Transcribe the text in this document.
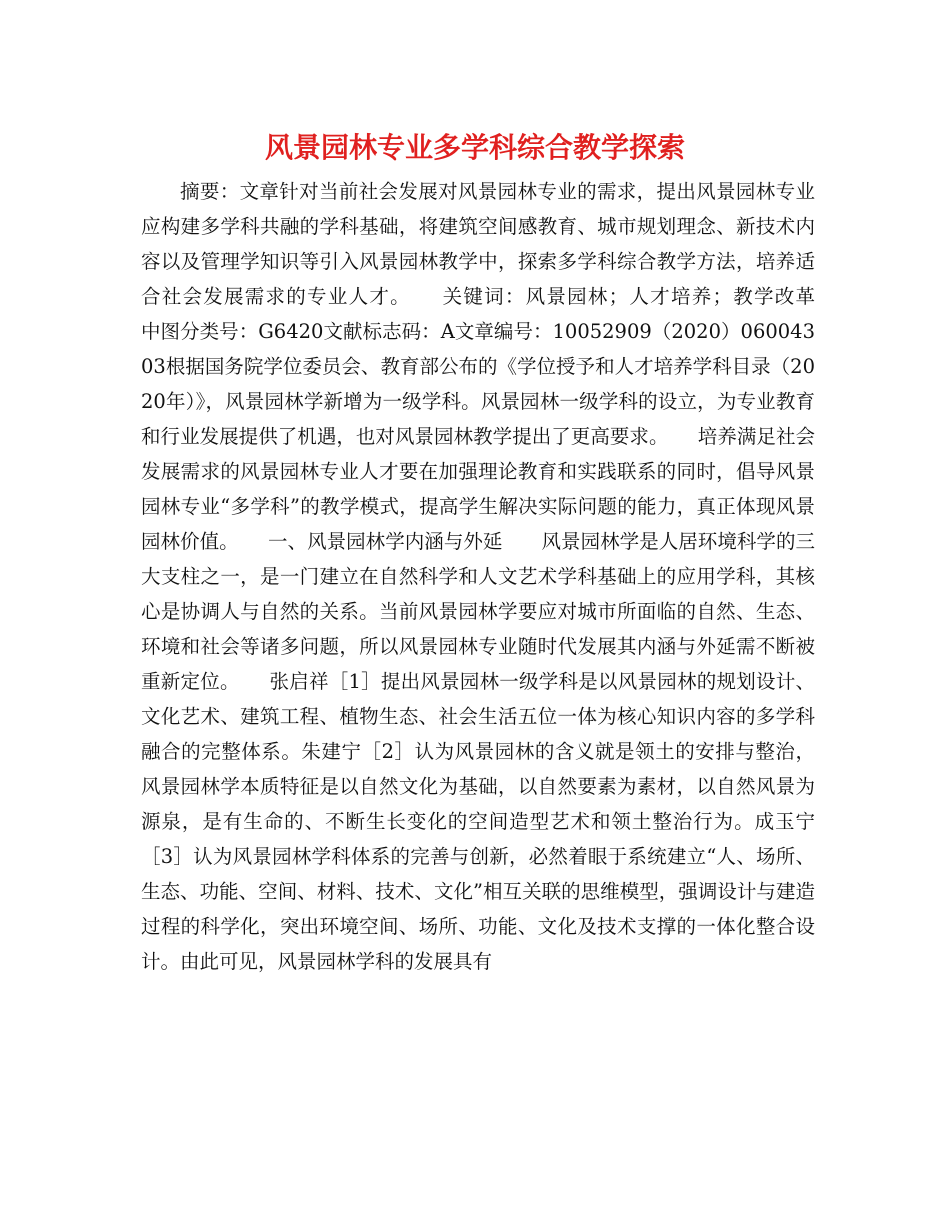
风景园林专业多学科综合教学探索

摘要：文章针对当前社会发展对风景园林专业的需求，提出风景园林专业应构建多学科共融的学科基础，将建筑空间感教育、城市规划理念、新技术内容以及管理学知识等引入风景园林教学中，探索多学科综合教学方法，培养适合社会发展需求的专业人才。　　关键词：风景园林；人才培养；教学改革　　中图分类号：G6420文献标志码：A文章编号：10052909（2020）06004303根据国务院学位委员会、教育部公布的《学位授予和人才培养学科目录（2020年）》，风景园林学新增为一级学科。风景园林一级学科的设立，为专业教育和行业发展提供了机遇，也对风景园林教学提出了更高要求。　　培养满足社会发展需求的风景园林专业人才要在加强理论教育和实践联系的同时，倡导风景园林专业“多学科”的教学模式，提高学生解决实际问题的能力，真正体现风景园林价值。　　一、风景园林学内涵与外延　　风景园林学是人居环境科学的三大支柱之一，是一门建立在自然科学和人文艺术学科基础上的应用学科，其核心是协调人与自然的关系。当前风景园林学要应对城市所面临的自然、生态、环境和社会等诸多问题，所以风景园林专业随时代发展其内涵与外延需不断被重新定位。　　张启祥［1］提出风景园林一级学科是以风景园林的规划设计、文化艺术、建筑工程、植物生态、社会生活五位一体为核心知识内容的多学科融合的完整体系。朱建宁［2］认为风景园林的含义就是领土的安排与整治，风景园林学本质特征是以自然文化为基础，以自然要素为素材，以自然风景为源泉，是有生命的、不断生长变化的空间造型艺术和领土整治行为。成玉宁［3］认为风景园林学科体系的完善与创新，必然着眼于系统建立“人、场所、生态、功能、空间、材料、技术、文化”相互关联的思维模型，强调设计与建造过程的科学化，突出环境空间、场所、功能、文化及技术支撑的一体化整合设计。由此可见，风景园林学科的发展具有
